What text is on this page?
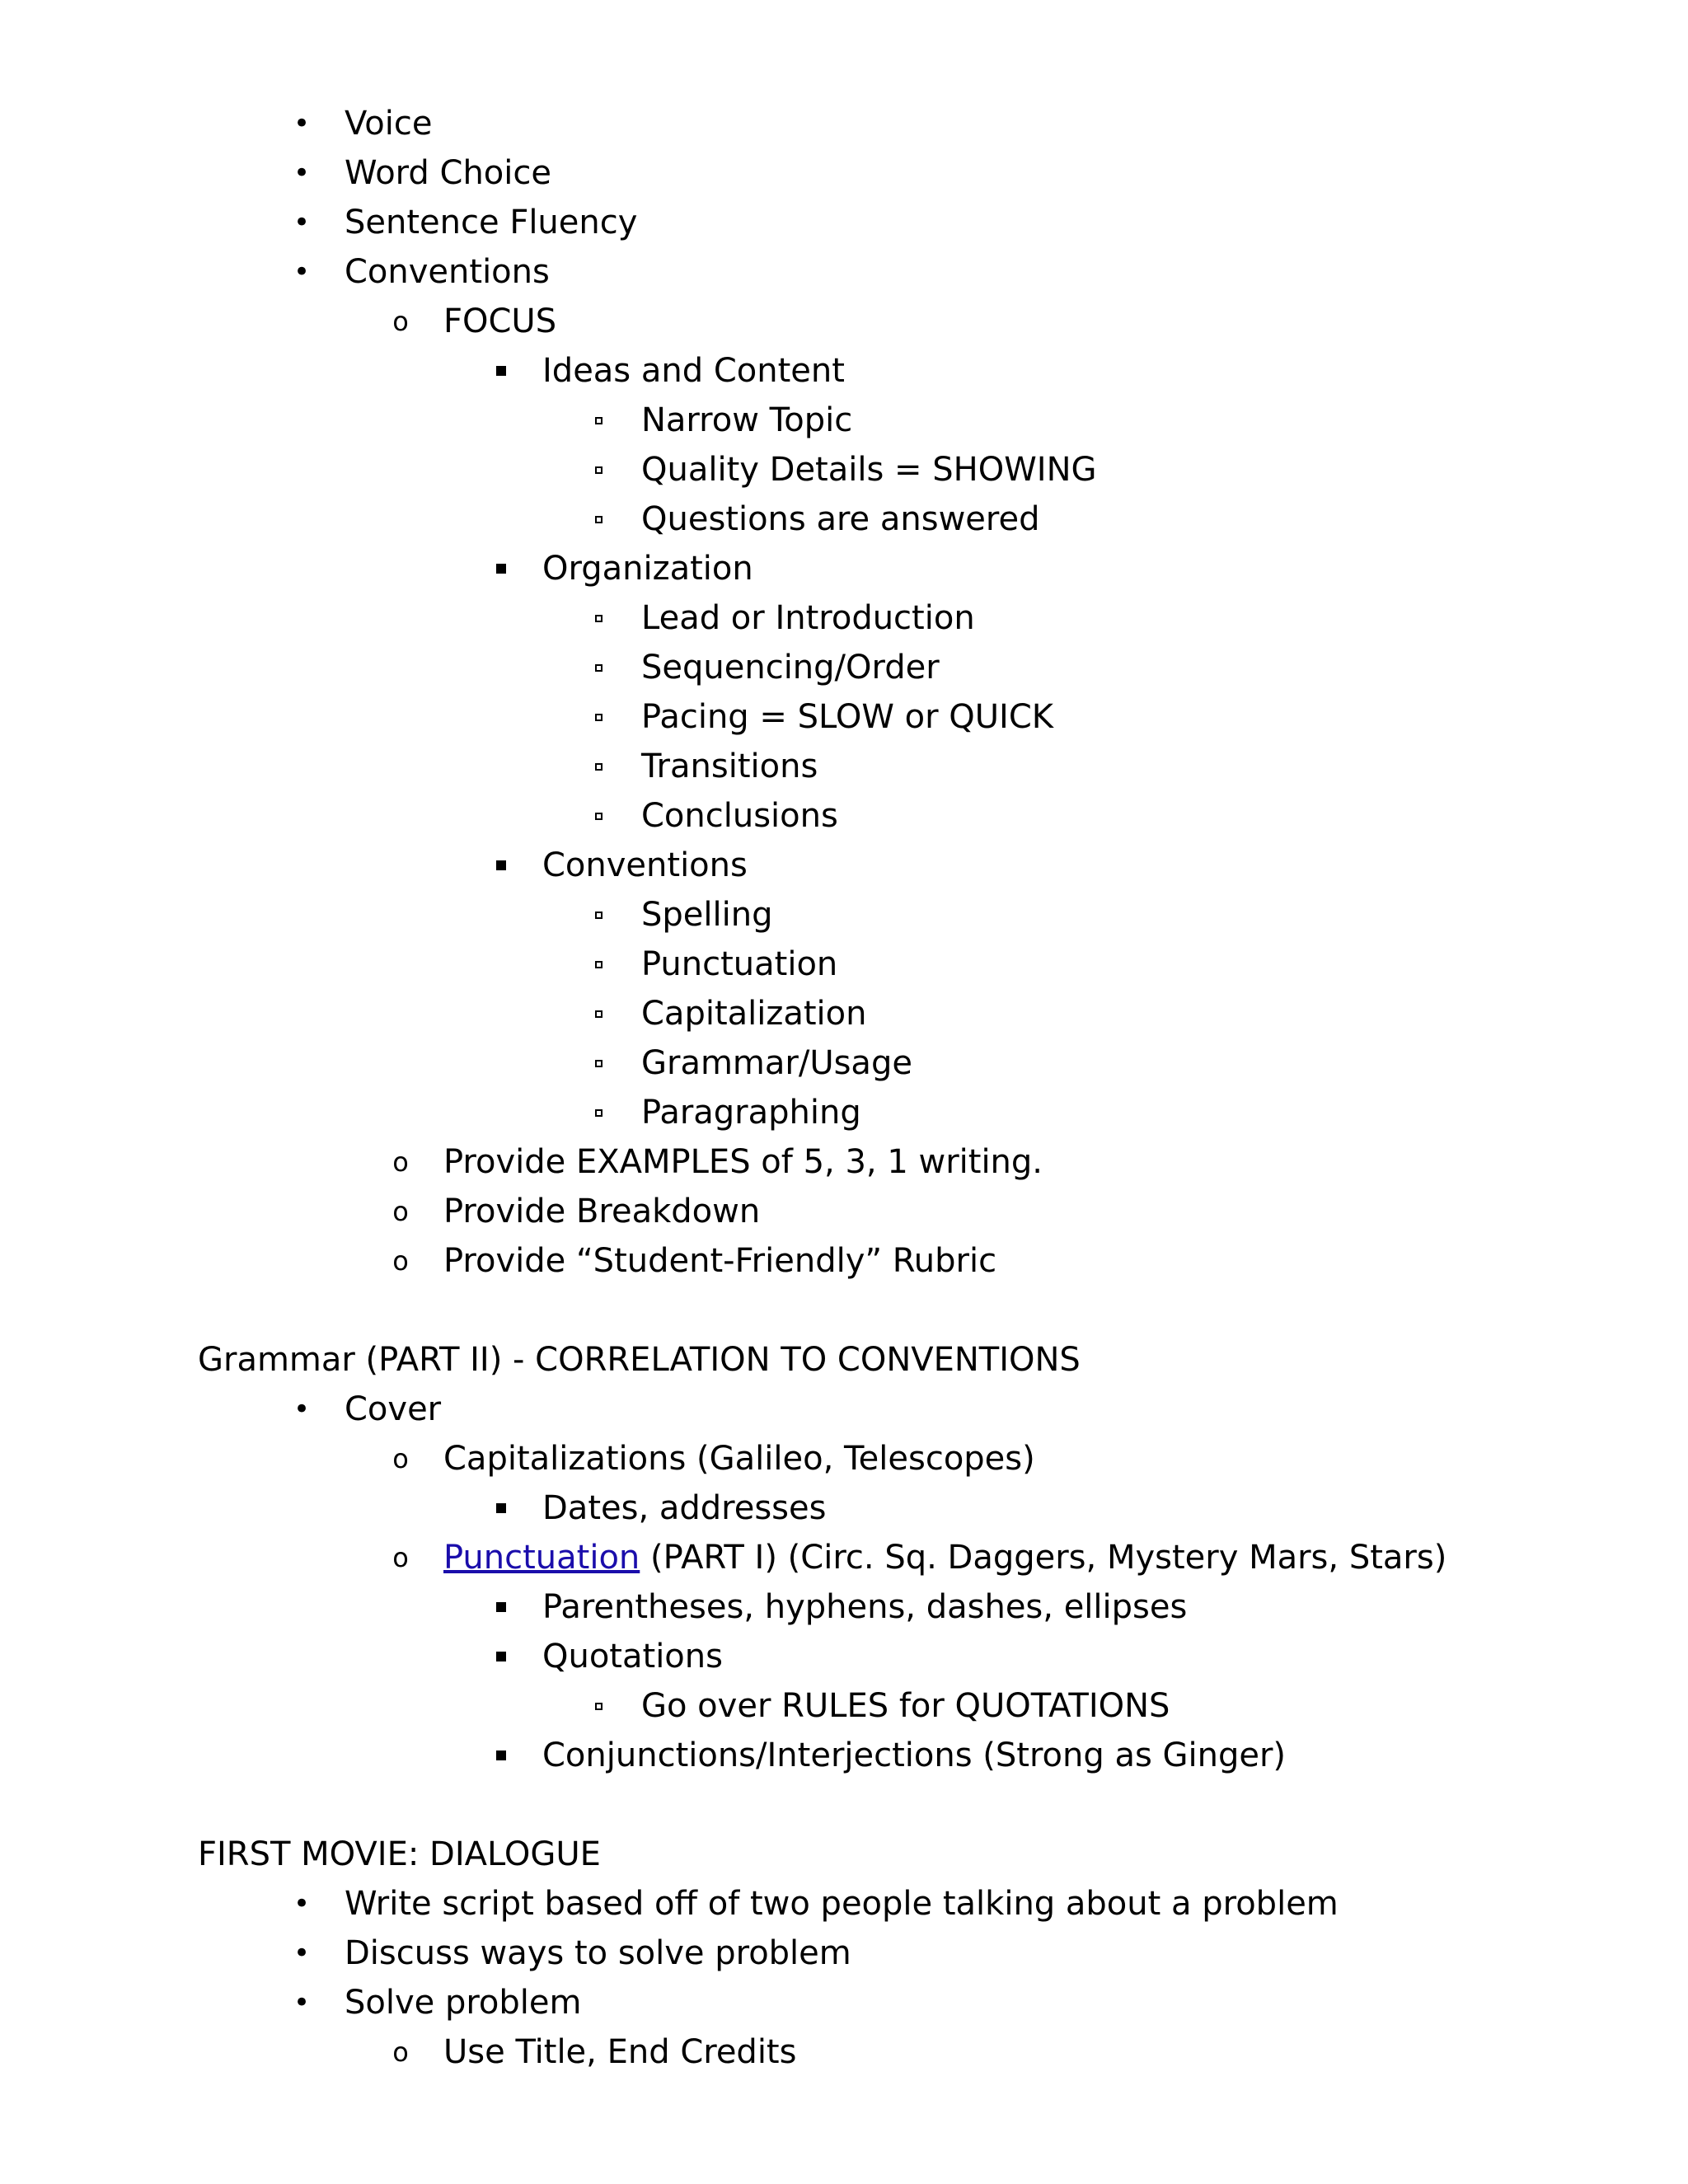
• Voice
• Word Choice
• Sentence Fluency
• Conventions
o FOCUS
Ideas and Content
Narrow Topic
Quality Details = SHOWING
Questions are answered
Organization
Lead or Introduction
Sequencing/Order
Pacing = SLOW or QUICK
Transitions
Conclusions
Conventions
Spelling
Punctuation
Capitalization
Grammar/Usage
Paragraphing
o Provide EXAMPLES of 5, 3, 1 writing.
o Provide Breakdown
o Provide “Student-Friendly” Rubric
Grammar (PART II) - CORRELATION TO CONVENTIONS
• Cover
o Capitalizations (Galileo, Telescopes)
Dates, addresses
o Punctuation (PART I) (Circ. Sq. Daggers, Mystery Mars, Stars)
Parentheses, hyphens, dashes, ellipses
Quotations
Go over RULES for QUOTATIONS
Conjunctions/Interjections (Strong as Ginger)
FIRST MOVIE: DIALOGUE
• Write script based off of two people talking about a problem
• Discuss ways to solve problem
• Solve problem
o Use Title, End Credits
